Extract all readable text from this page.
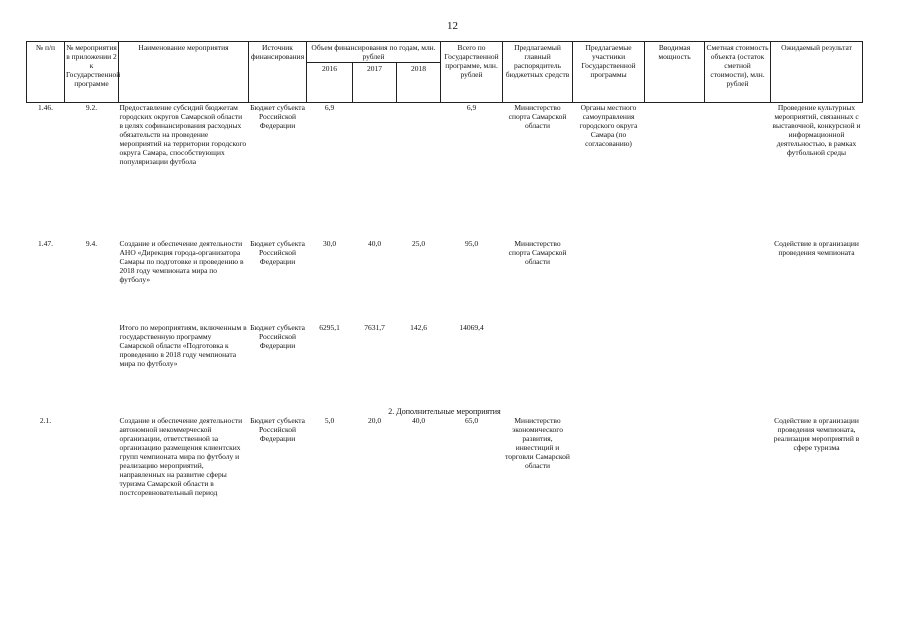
12
№ п/п	№ мероприятия в приложении 2 к Государственной программе	Наименование мероприятия	Источник финансирования	Объем финансирования по годам, млн. рублей			Всего по Государственной программе, млн. рублей	Предлагаемый главный распорядитель бюджетных средств	Предлагаемые участники Государственной программы	Вводимая мощность	Сметная стоимость объекта (остаток сметной стоимости), млн. рублей	Ожидаемый результат
				2016	2017	2018						
1.46.	9.2.	Предоставление субсидий бюджетам городских округов Самарской области в целях софинансирования расходных обязательств на проведение мероприятий на территории городского округа Самара, способствующих популяризации футбола	Бюджет субъекта Российской Федерации	6,9			6,9	Министерство спорта Самарской области	Органы местного самоуправления городского округа Самара (по согласованию)			Проведение культурных мероприятий, связанных с выставочной, конкурсной и информационной деятельностью, в рамках футбольной среды
1.47.	9.4.	Создание и обеспечение деятельности АНО «Дирекция города-организатора Самары по подготовке и проведению в 2018 году чемпионата мира по футболу»	Бюджет субъекта Российской Федерации	30,0	40,0	25,0	95,0	Министерство спорта Самарской области				Содействие в организации проведения чемпионата
		Итого по мероприятиям, включенным в государственную программу Самарской области «Подготовка к проведению в 2018 году чемпионата мира по футболу»	Бюджет субъекта Российской Федерации	6295,1	7631,7	142,6	14069,4					
2. Дополнительные мероприятия												
2.1.		Создание и обеспечение деятельности автономной некоммерческой организации, ответственной за организацию размещения клиентских групп чемпионата мира по футболу и реализацию мероприятий, направленных на развитие сферы туризма Самарской области в постсоревновательный период	Бюджет субъекта Российской Федерации	5,0	20,0	40,0	65,0	Министерство экономического развития, инвестиций и торговли Самарской области				Содействие в организации проведения чемпионата, реализация мероприятий в сфере туризма
